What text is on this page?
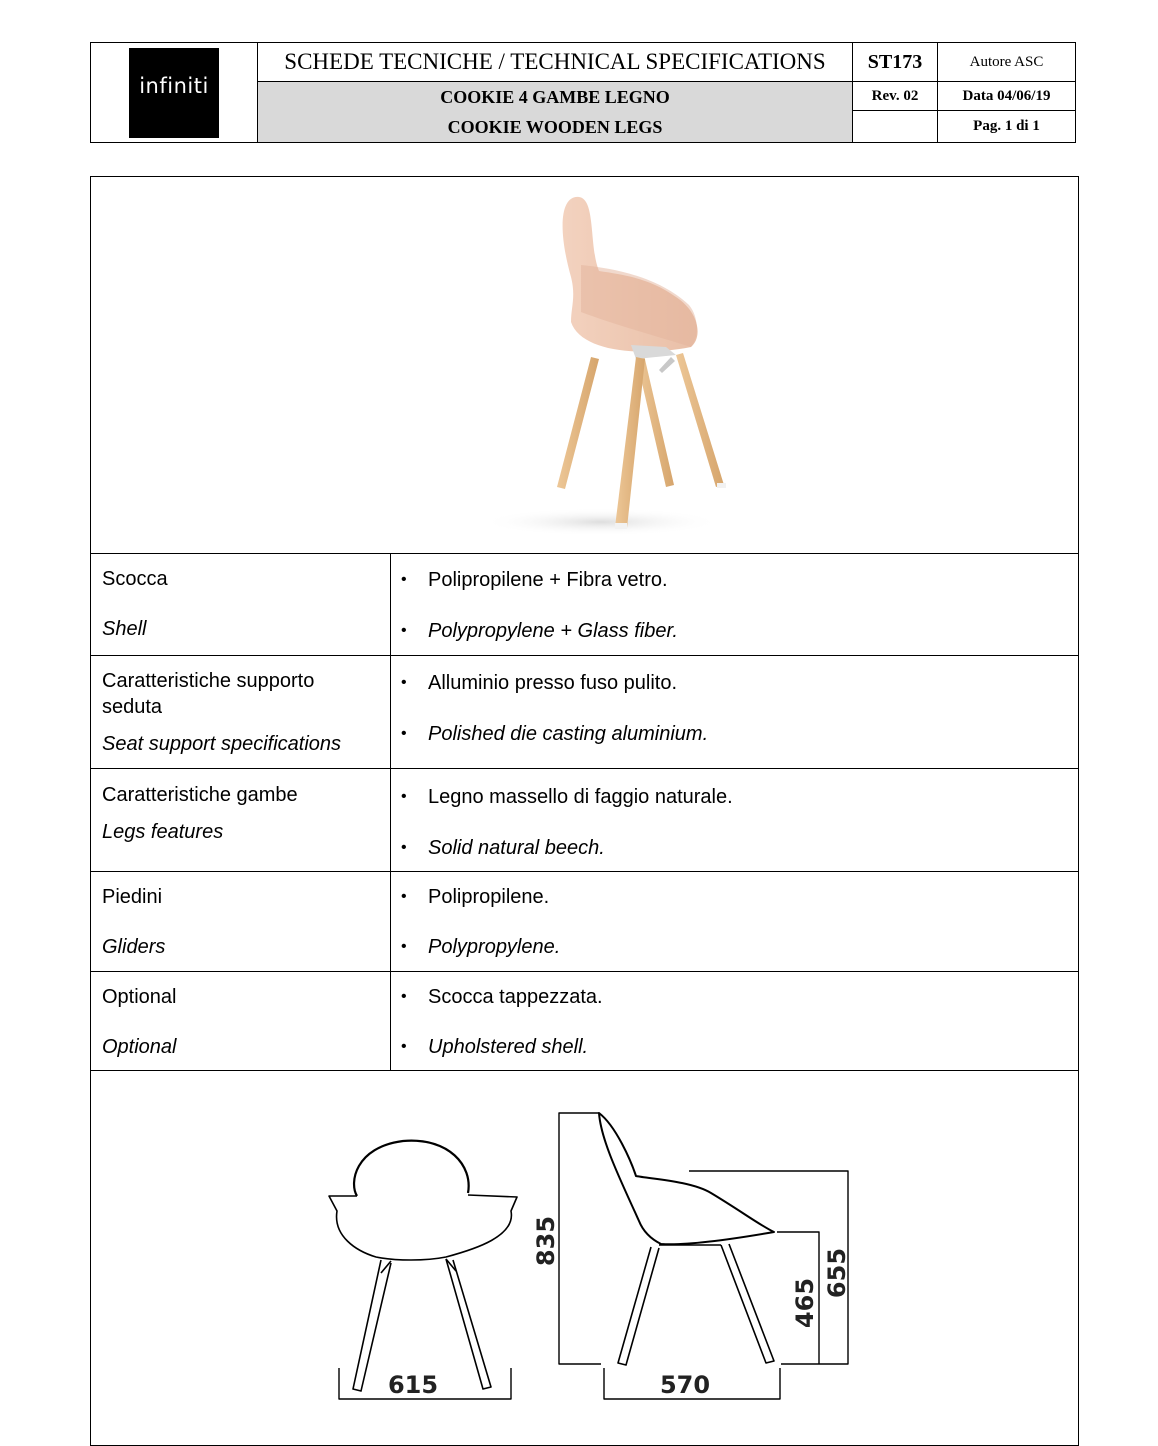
infiniti
SCHEDE TECNICHE / TECHNICAL SPECIFICATIONS	ST173	Autore ASC
COOKIE 4 GAMBE LEGNO
COOKIE WOODEN LEGS
Rev. 02	Data 04/06/19
Pag. 1 di 1
Scocca
Shell
• Polipropilene + Fibra vetro.
• Polypropylene + Glass fiber.
Caratteristiche supporto
seduta
Seat support specifications
• Alluminio presso fuso pulito.
• Polished die casting aluminium.
Caratteristiche gambe
Legs features
• Legno massello di faggio naturale.
• Solid natural beech.
Piedini
Gliders
• Polipropilene.
• Polypropylene.
Optional
Optional
• Scocca tappezzata.
• Upholstered shell.
615	570
835
655
465
